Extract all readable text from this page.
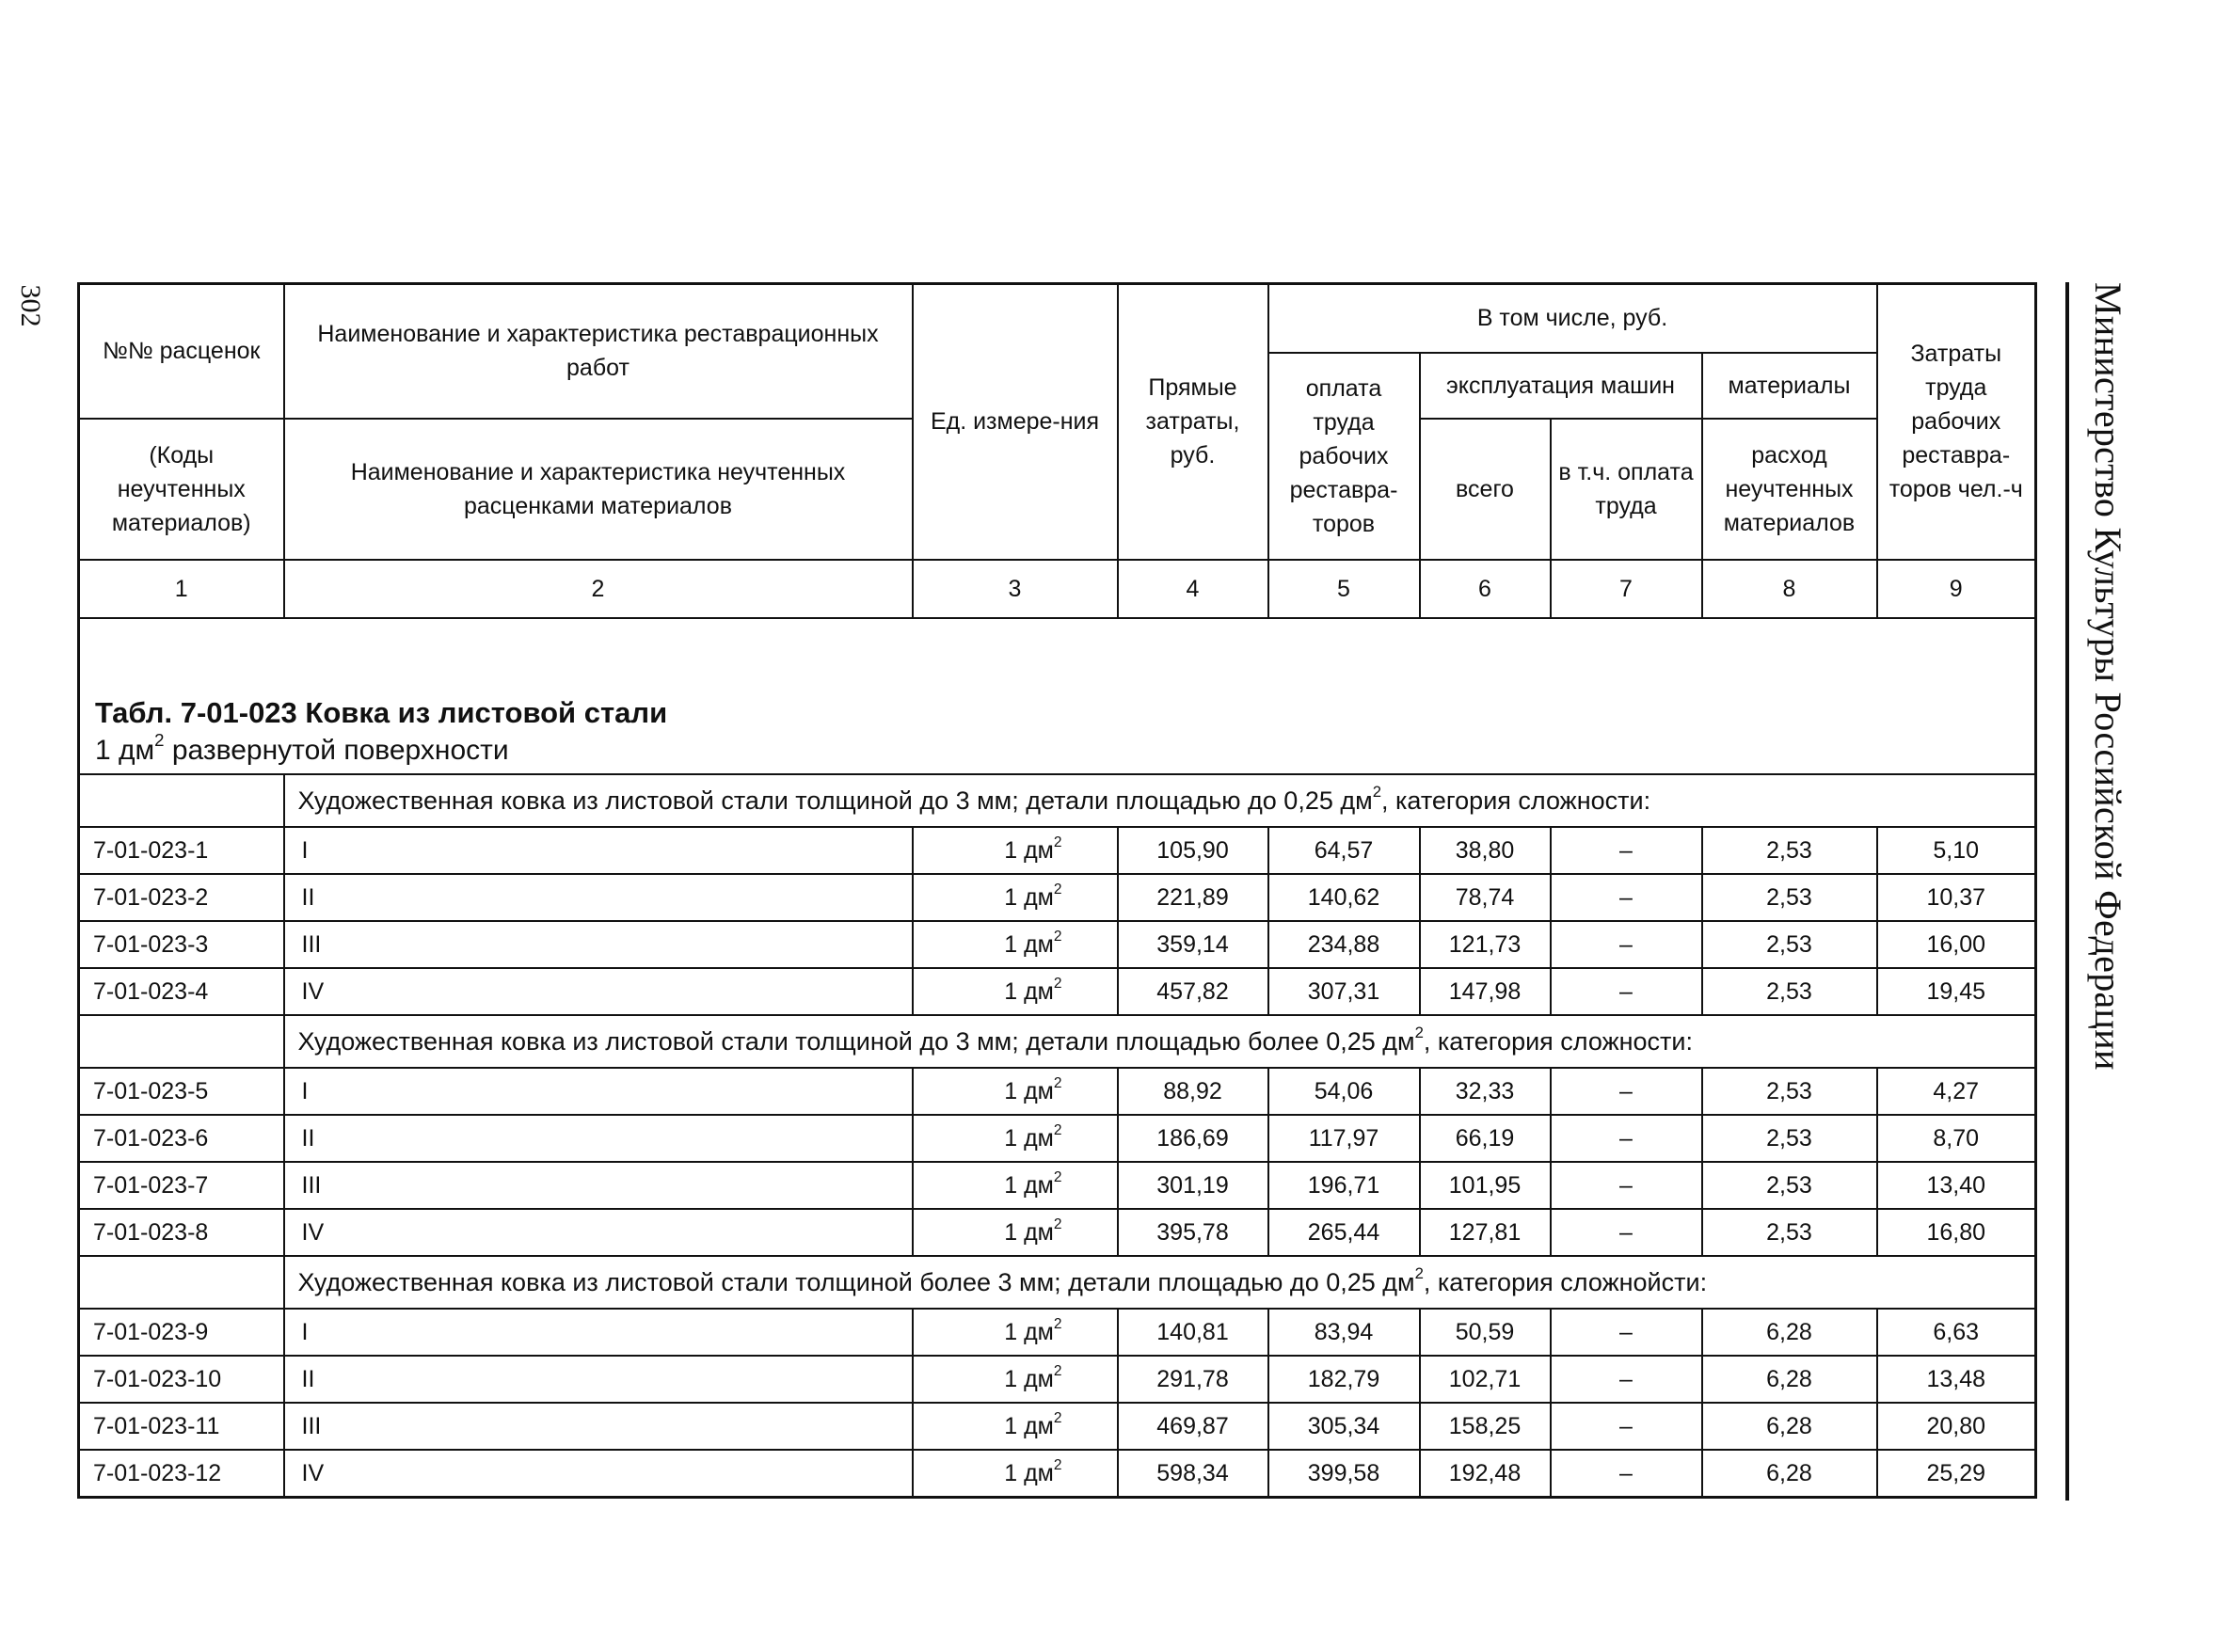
302	Министерство Культуры Российской Федерации
№№ расценок	Наименование и характеристика реставрационных работ	Ед. измере-ния	Прямые затраты, руб.	В том числе, руб.				Затраты труда рабочих реставра-торов чел.-ч
				оплата труда рабочих реставра-торов	эксплуатация машин		материалы	
(Коды неучтенных материалов)	Наименование и характеристика неучтенных расценками материалов				всего	в т.ч. оплата труда	расход неучтенных материалов	

1	2	3	4	5	6	7	8	9

Табл. 7-01-023 Ковка из листовой стали
1 $дм^2$ развернутой поверхности								

	Художественная ковка из листовой стали толщиной до 3 мм; детали площадью до 0,25 $дм^2$, категория сложности:							
7-01-023-1	I	1 $дм^2$	105,90	64,57	38,80	–	2,53	5,10
7-01-023-2	II	1 $дм^2$	221,89	140,62	78,74	–	2,53	10,37
7-01-023-3	III	1 $дм^2$	359,14	234,88	121,73	–	2,53	16,00
7-01-023-4	IV	1 $дм^2$	457,82	307,31	147,98	–	2,53	19,45
	Художественная ковка из листовой стали толщиной до 3 мм; детали площадью более 0,25 $дм^2$, категория сложности:							
7-01-023-5	I	1 $дм^2$	88,92	54,06	32,33	–	2,53	4,27
7-01-023-6	II	1 $дм^2$	186,69	117,97	66,19	–	2,53	8,70
7-01-023-7	III	1 $дм^2$	301,19	196,71	101,95	–	2,53	13,40
7-01-023-8	IV	1 $дм^2$	395,78	265,44	127,81	–	2,53	16,80
	Художественная ковка из листовой стали толщиной более 3 мм; детали площадью до 0,25 $дм^2$, категория сложнойсти:							
7-01-023-9	I	1 $дм^2$	140,81	83,94	50,59	–	6,28	6,63
7-01-023-10	II	1 $дм^2$	291,78	182,79	102,71	–	6,28	13,48
7-01-023-11	III	1 $дм^2$	469,87	305,34	158,25	–	6,28	20,80
7-01-023-12	IV	1 $дм^2$	598,34	399,58	192,48	–	6,28	25,29
